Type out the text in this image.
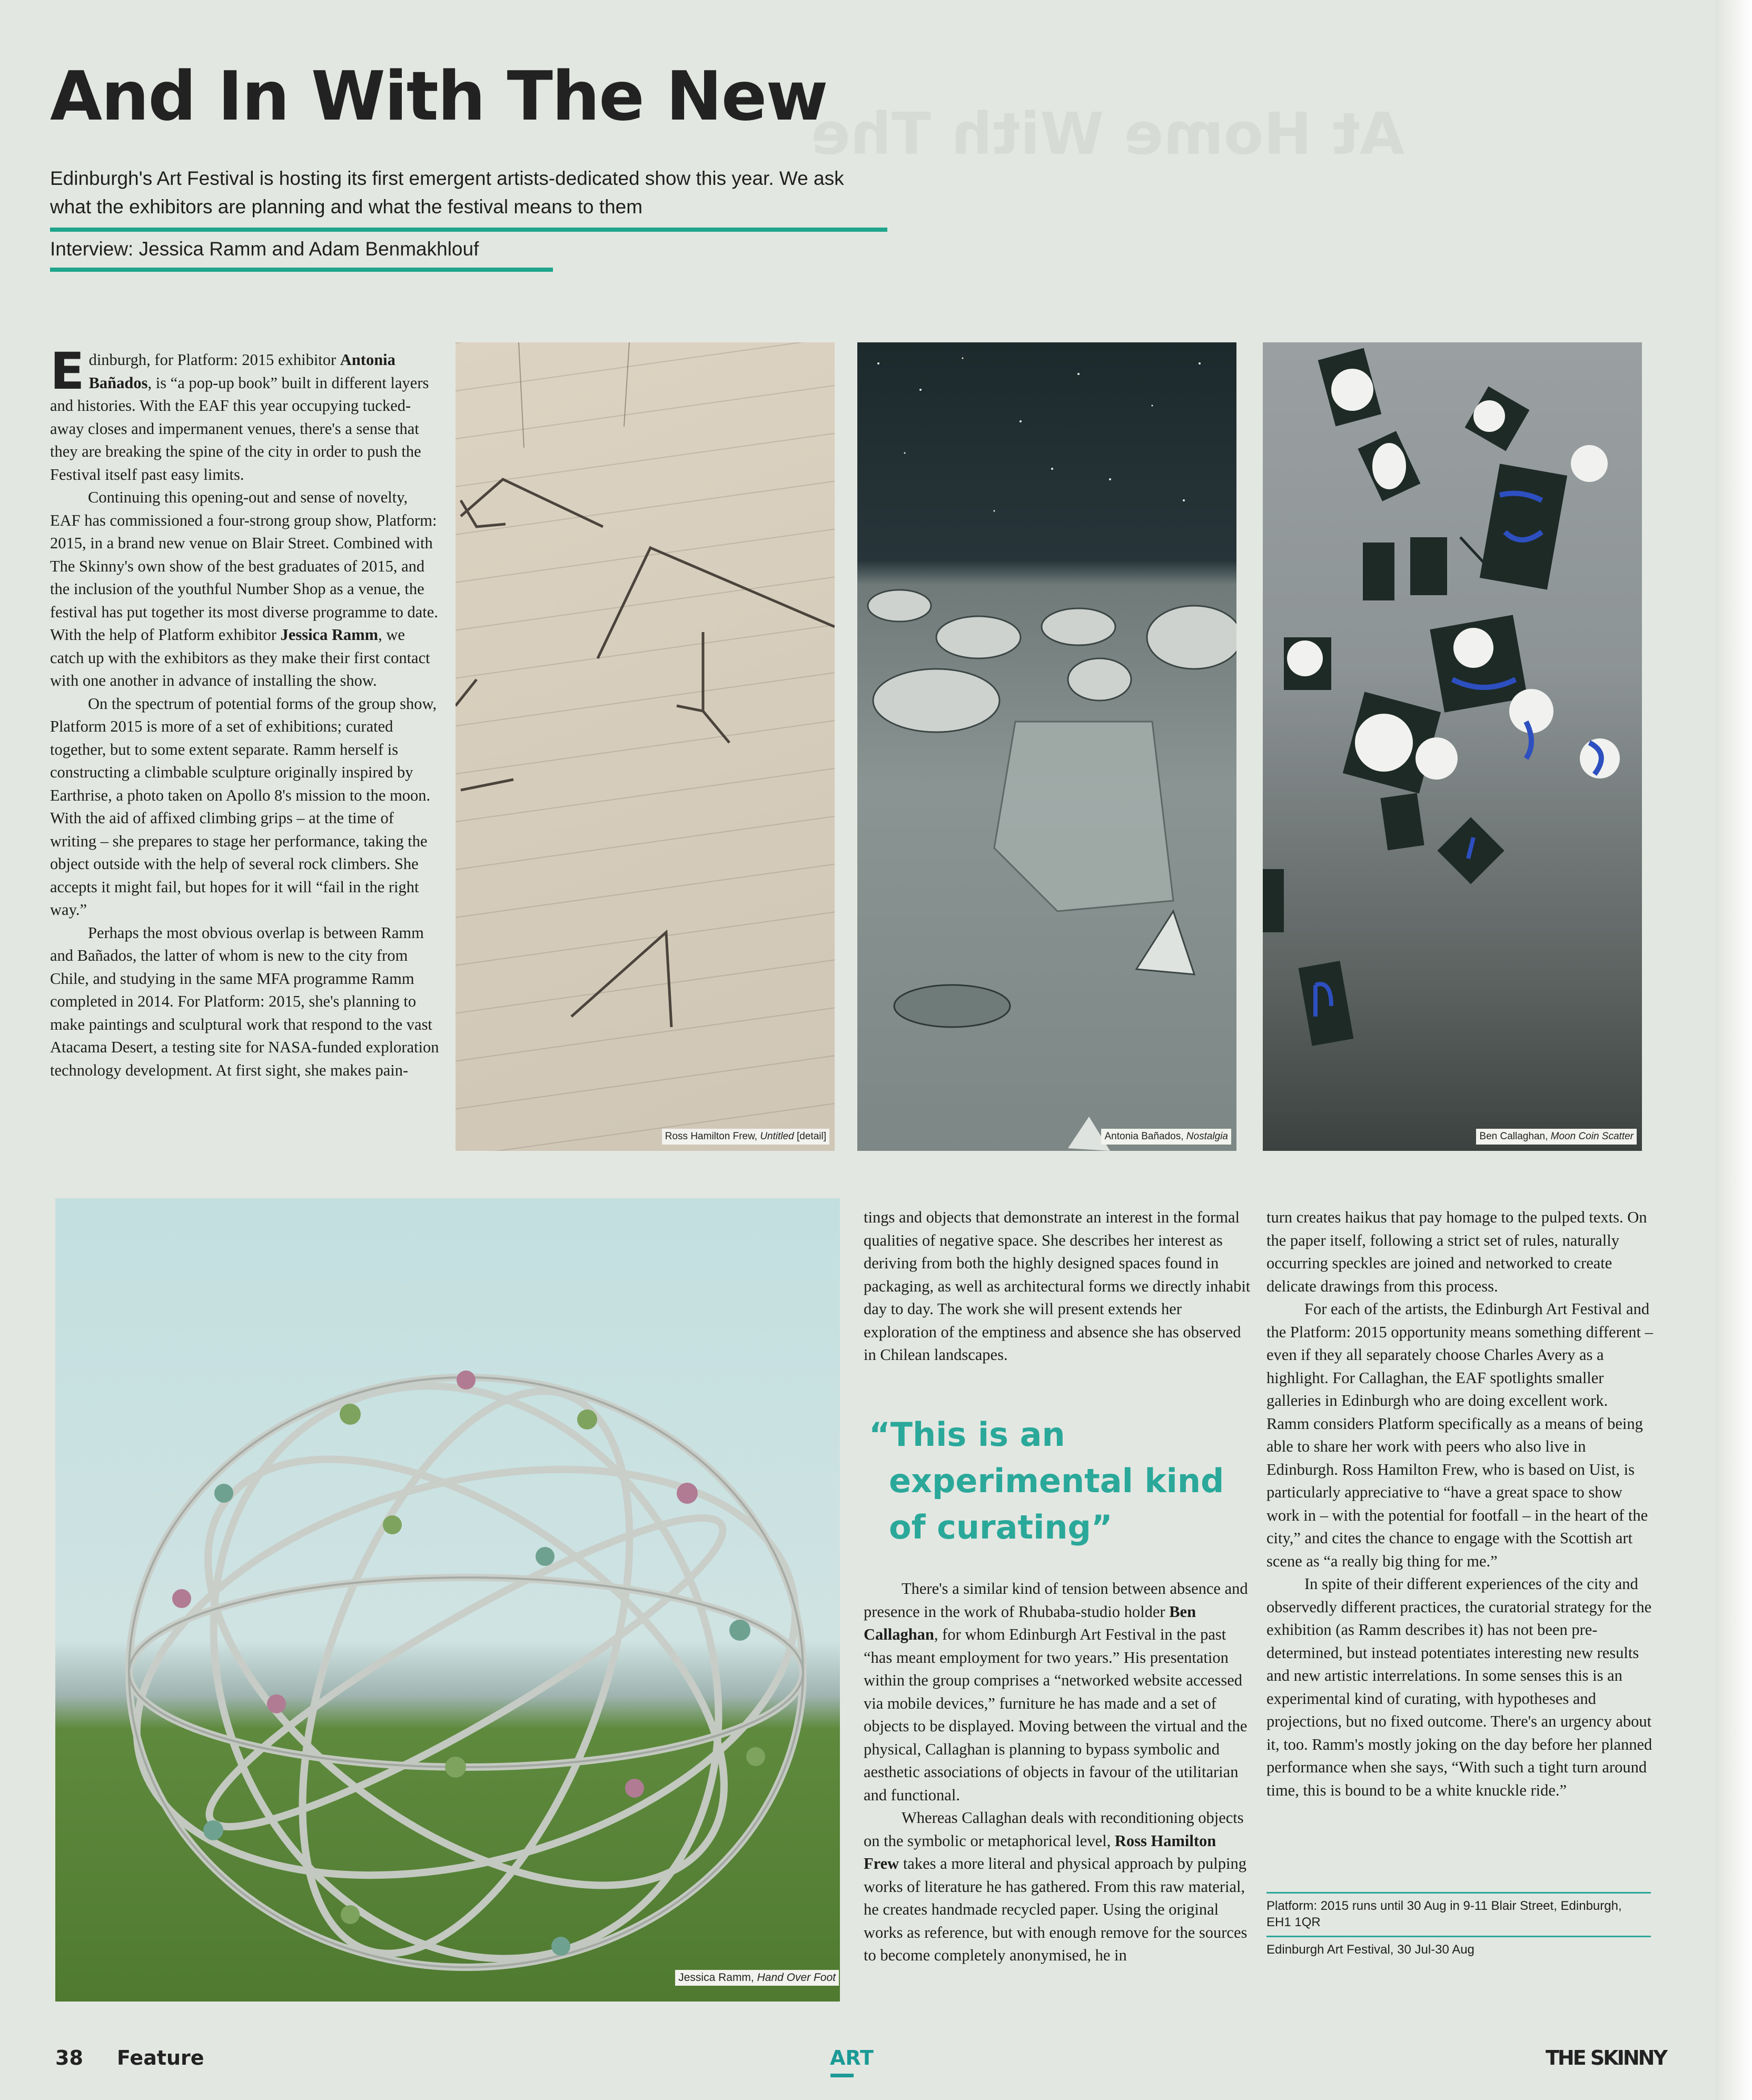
At Home With The
And In With The New
Edinburgh's Art Festival is hosting its first emergent artists-dedicated show this year. We ask what the exhibitors are planning and what the festival means to them
Interview: Jessica Ramm and Adam Benmakhlouf

Edinburgh, for Platform: 2015 exhibitor Antonia Bañados, is “a pop-up book” built in different layers and histories. With the EAF this year occupying tucked-away closes and impermanent venues, there's a sense that they are breaking the spine of the city in order to push the Festival itself past easy limits.

Continuing this opening-out and sense of novelty, EAF has commissioned a four-strong group show, Platform: 2015, in a brand new venue on Blair Street. Combined with The Skinny's own show of the best graduates of 2015, and the inclusion of the youthful Number Shop as a venue, the festival has put together its most diverse programme to date. With the help of Platform exhibitor Jessica Ramm, we catch up with the exhibitors as they make their first contact with one another in advance of installing the show.

On the spectrum of potential forms of the group show, Platform 2015 is more of a set of exhibitions; curated together, but to some extent separate. Ramm herself is constructing a climbable sculpture originally inspired by Earthrise, a photo taken on Apollo 8's mission to the moon. With the aid of affixed climbing grips – at the time of writing – she prepares to stage her performance, taking the object outside with the help of several rock climbers. She accepts it might fail, but hopes for it will “fail in the right way.”

Perhaps the most obvious overlap is between Ramm and Bañados, the latter of whom is new to the city from Chile, and studying in the same MFA programme Ramm completed in 2014. For Platform: 2015, she's planning to make paintings and sculptural work that respond to the vast Atacama Desert, a testing site for NASA-funded exploration technology development. At first sight, she makes pain-

Ross Hamilton Frew, Untitled [detail]	Antonia Bañados, Nostalgia	Ben Callaghan, Moon Coin Scatter
Jessica Ramm, Hand Over Foot

tings and objects that demonstrate an interest in the formal qualities of negative space. She describes her interest as deriving from both the highly designed spaces found in packaging, as well as architectural forms we directly inhabit day to day. The work she will present extends her exploration of the emptiness and absence she has observed in Chilean landscapes.

“This is an
experimental kind
of curating”

There's a similar kind of tension between absence and presence in the work of Rhubaba-studio holder Ben Callaghan, for whom Edinburgh Art Festival in the past “has meant employment for two years.” His presentation within the group comprises a “networked website accessed via mobile devices,” furniture he has made and a set of objects to be displayed. Moving between the virtual and the physical, Callaghan is planning to bypass symbolic and aesthetic associations of objects in favour of the utilitarian and functional.

Whereas Callaghan deals with reconditioning objects on the symbolic or metaphorical level, Ross Hamilton Frew takes a more literal and physical approach by pulping works of literature he has gathered. From this raw material, he creates handmade recycled paper. Using the original works as reference, but with enough remove for the sources to become completely anonymised, he in

turn creates haikus that pay homage to the pulped texts. On the paper itself, following a strict set of rules, naturally occurring speckles are joined and networked to create delicate drawings from this process.

For each of the artists, the Edinburgh Art Festival and the Platform: 2015 opportunity means something different – even if they all separately choose Charles Avery as a highlight. For Callaghan, the EAF spotlights smaller galleries in Edinburgh who are doing excellent work. Ramm considers Platform specifically as a means of being able to share her work with peers who also live in Edinburgh. Ross Hamilton Frew, who is based on Uist, is particularly appreciative to “have a great space to show work in – with the potential for footfall – in the heart of the city,” and cites the chance to engage with the Scottish art scene as “a really big thing for me.”

In spite of their different experiences of the city and observedly different practices, the curatorial strategy for the exhibition (as Ramm describes it) has not been pre-determined, but instead potentiates interesting new results and new artistic interrelations. In some senses this is an experimental kind of curating, with hypotheses and projections, but no fixed outcome. There's an urgency about it, too. Ramm's mostly joking on the day before her planned performance when she says, “With such a tight turn around time, this is bound to be a white knuckle ride.”

Platform: 2015 runs until 30 Aug in 9-11 Blair Street, Edinburgh, EH1 1QR
Edinburgh Art Festival, 30 Jul-30 Aug
38 Feature	ART	THE SKINNY
